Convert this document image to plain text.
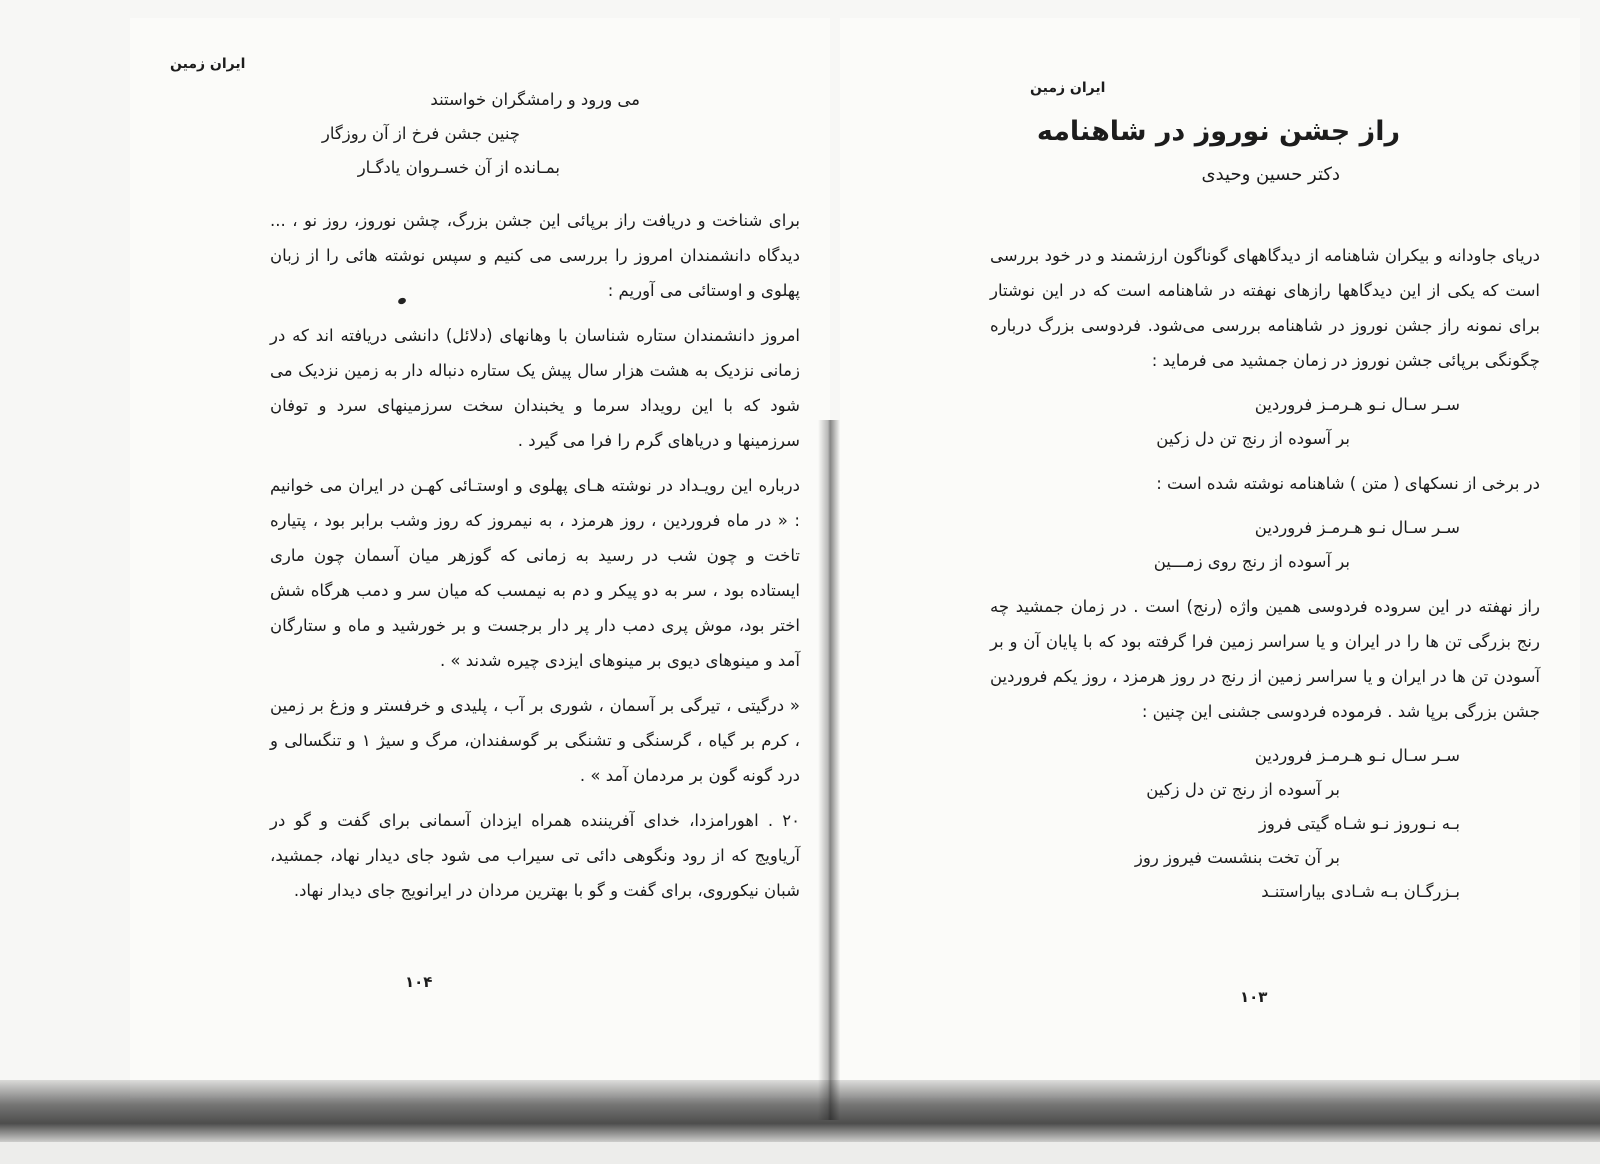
ایران زمین
می ورود و رامشگران خواستند
چنین جشن فرخ از آن روزگار
بمـانده از آن خسـروان یادگـار

برای شناخت و دریافت راز برپائی این جشن بزرگ، چشن نوروز، روز نو ، ... دیدگاه دانشمندان امروز را بررسی می کنیم و سپس نوشته هائی را از زبان پهلوی و اوستائی می آوریم :

امروز دانشمندان ستاره شناسان با وهانهای (دلائل) دانشی دریافته اند که در زمانی نزدیک به هشت هزار سال پیش یک ستاره دنباله دار به زمین نزدیک می شود که با این رویداد سرما و یخبندان سخت سرزمینهای سرد و توفان سرزمینها و دریاهای گرم را فرا می گیرد .

درباره این رویـداد در نوشته هـای پهلوی و اوستـائی کهـن در ایران می خوانیم : « در ماه فروردین ، روز هرمزد ، به نیمروز که روز وشب برابر بود ، پتیاره تاخت و چون شب در رسید به زمانی که گوزهر میان آسمان چون ماری ایستاده بود ، سر به دو پیکر و دم به نیمسب که میان سر و دمب هرگاه شش اختر بود، موش پری دمب دار پر دار برجست و بر خورشید و ماه و ستارگان آمد و مینوهای دیوی بر مینوهای ایزدی چیره شدند » .

« درگیتی ، تیرگی بر آسمان ، شوری بر آب ، پلیدی و خرفستر و وزغ بر زمین ، کرم بر گیاه ، گرسنگی و تشنگی بر گوسفندان، مرگ و سیژ ۱ و تنگسالی و درد گونه گون بر مردمان آمد » .

۲۰ . اهورامزدا، خدای آفریننده همراه ایزدان آسمانی برای گفت و گو در آریاویج که از رود ونگوهی دائی تی سیراب می شود جای دیدار نهاد، جمشید، شبان نیکورو‌ی، برای گفت و گو با بهترین مردان در ایرانویج جای دیدار نهاد.

۱۰۴
ایران زمین
راز جشن نوروز در شاهنامه
دکتر حسین وحیدی

دریای جاودانه و بیکران شاهنامه از دیدگاههای گوناگون ارزشمند و در خود بررسی است که یکی از این دیدگاهها رازهای نهفته در شاهنامه است که در این نوشتار برای نمونه راز جشن نوروز در شاهنامه بررسی می‌شود. فردوسی بزرگ درباره چگونگی برپائی جشن نوروز در زمان جمشید می فرماید :

سـر سـال نـو هـرمـز فروردین
بر آسوده از رنج تن دل زکین

در برخی از نسکهای ( متن ) شاهنامه نوشته شده است :

سـر سـال نـو هـرمـز فروردین
بر آسوده از رنج روی زمـــین

راز نهفته در این سروده فردوسی همین واژه (رنج) است . در زمان جمشید چه رنج بزرگی تن ها را در ایران و یا سراسر زمین فرا گرفته بود که با پایان آن و بر آسودن تن ها در ایران و یا سراسر زمین از رنج در روز هرمزد ، روز یکم فروردین جشن بزرگی برپا شد . فرموده فردوسی جشنی این چنین :

سـر سـال نـو هـرمـز فروردین
بر آسوده از رنج تن دل زکین
بـه نـوروز نـو شـاه گیتی فروز
بر آن تخت بنشست فیروز روز
بـزرگـان بـه شـادی بیاراستنـد
۱۰۳
